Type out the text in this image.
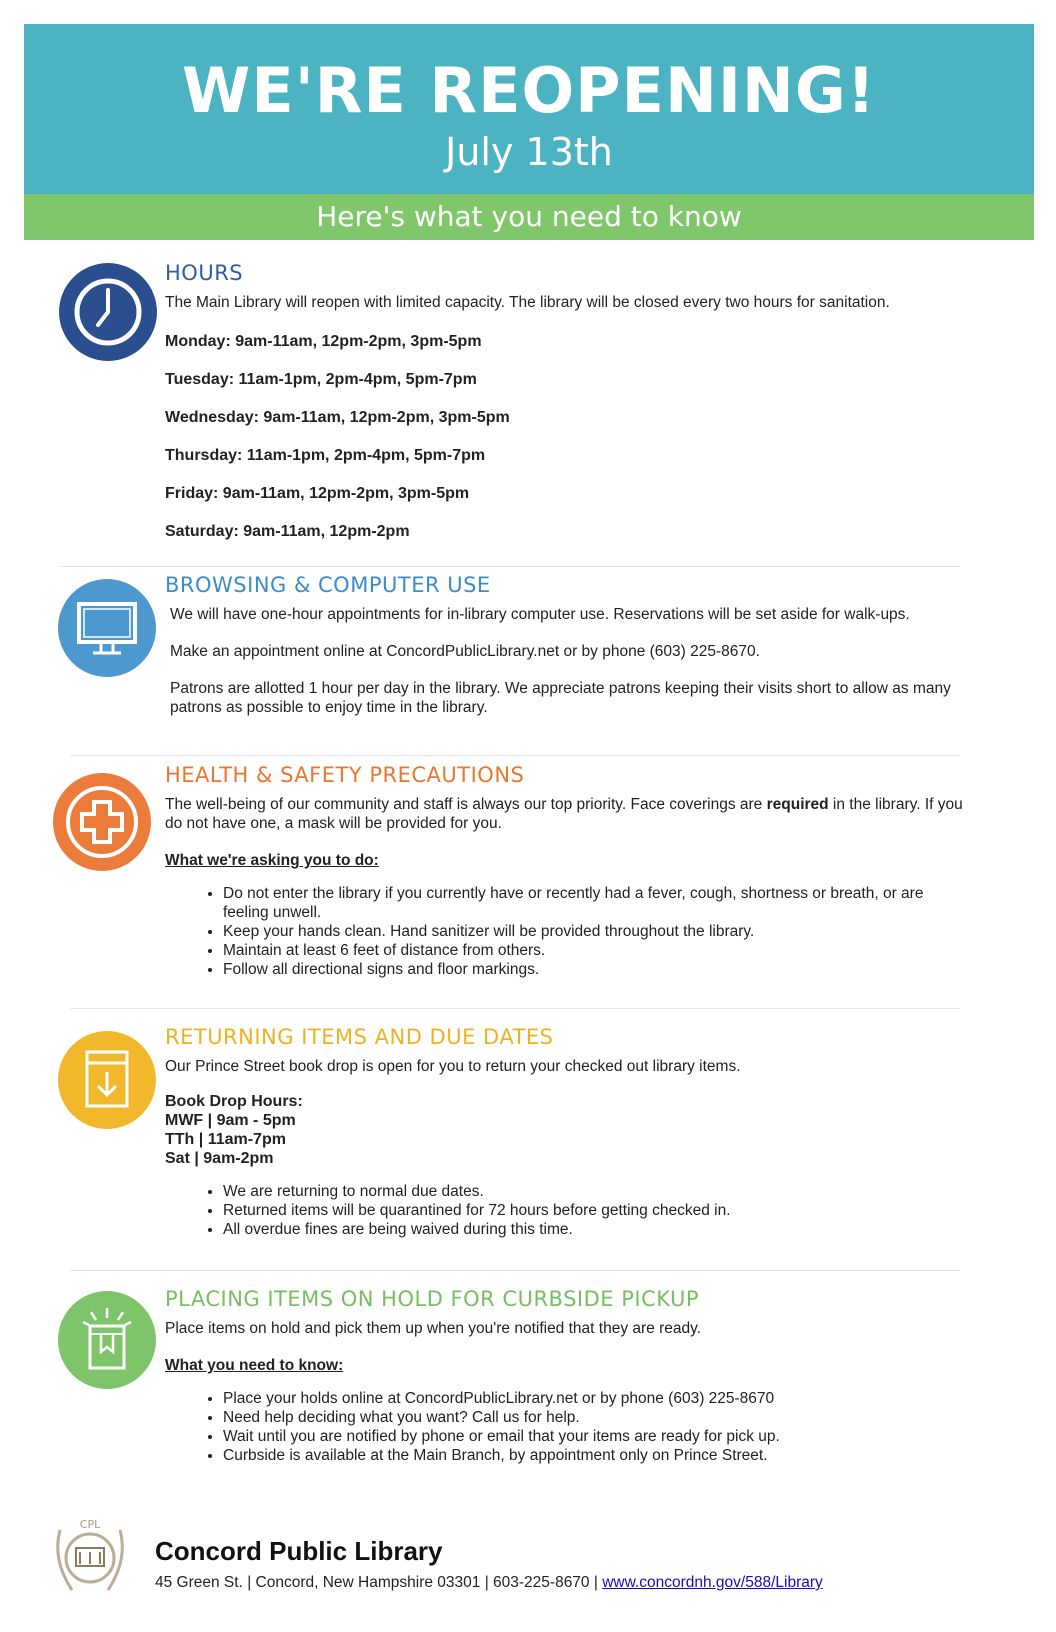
WE'RE REOPENING!
July 13th
Here's what you need to know
HOURS

The Main Library will reopen with limited capacity. The library will be closed every two hours for sanitation.

Monday: 9am-11am, 12pm-2pm, 3pm-5pm
Tuesday: 11am-1pm, 2pm-4pm, 5pm-7pm
Wednesday: 9am-11am, 12pm-2pm, 3pm-5pm
Thursday: 11am-1pm, 2pm-4pm, 5pm-7pm
Friday: 9am-11am, 12pm-2pm, 3pm-5pm
Saturday: 9am-11am, 12pm-2pm
BROWSING & COMPUTER USE

We will have one-hour appointments for in-library computer use. Reservations will be set aside for walk-ups.

Make an appointment online at ConcordPublicLibrary.net or by phone (603) 225-8670.

Patrons are allotted 1 hour per day in the library. We appreciate patrons keeping their visits short to allow as many patrons as possible to enjoy time in the library.

HEALTH & SAFETY PRECAUTIONS

The well-being of our community and staff is always our top priority. Face coverings are required in the library. If you do not have one, a mask will be provided for you.

What we're asking you to do:
• Do not enter the library if you currently have or recently had a fever, cough, shortness or breath, or are feeling unwell.
• Keep your hands clean. Hand sanitizer will be provided throughout the library.
• Maintain at least 6 feet of distance from others.
• Follow all directional signs and floor markings.
RETURNING ITEMS AND DUE DATES

Our Prince Street book drop is open for you to return your checked out library items.

Book Drop Hours:
MWF | 9am - 5pm
TTh | 11am-7pm
Sat | 9am-2pm
• We are returning to normal due dates.
• Returned items will be quarantined for 72 hours before getting checked in.
• All overdue fines are being waived during this time.
PLACING ITEMS ON HOLD FOR CURBSIDE PICKUP

Place items on hold and pick them up when you're notified that they are ready.

What you need to know:
• Place your holds online at ConcordPublicLibrary.net or by phone (603) 225-8670
• Need help deciding what you want? Call us for help.
• Wait until you are notified by phone or email that your items are ready for pick up.
• Curbside is available at the Main Branch, by appointment only on Prince Street.
CPL
Concord Public Library
45 Green St. | Concord, New Hampshire 03301 | 603-225-8670 | www.concordnh.gov/588/Library
